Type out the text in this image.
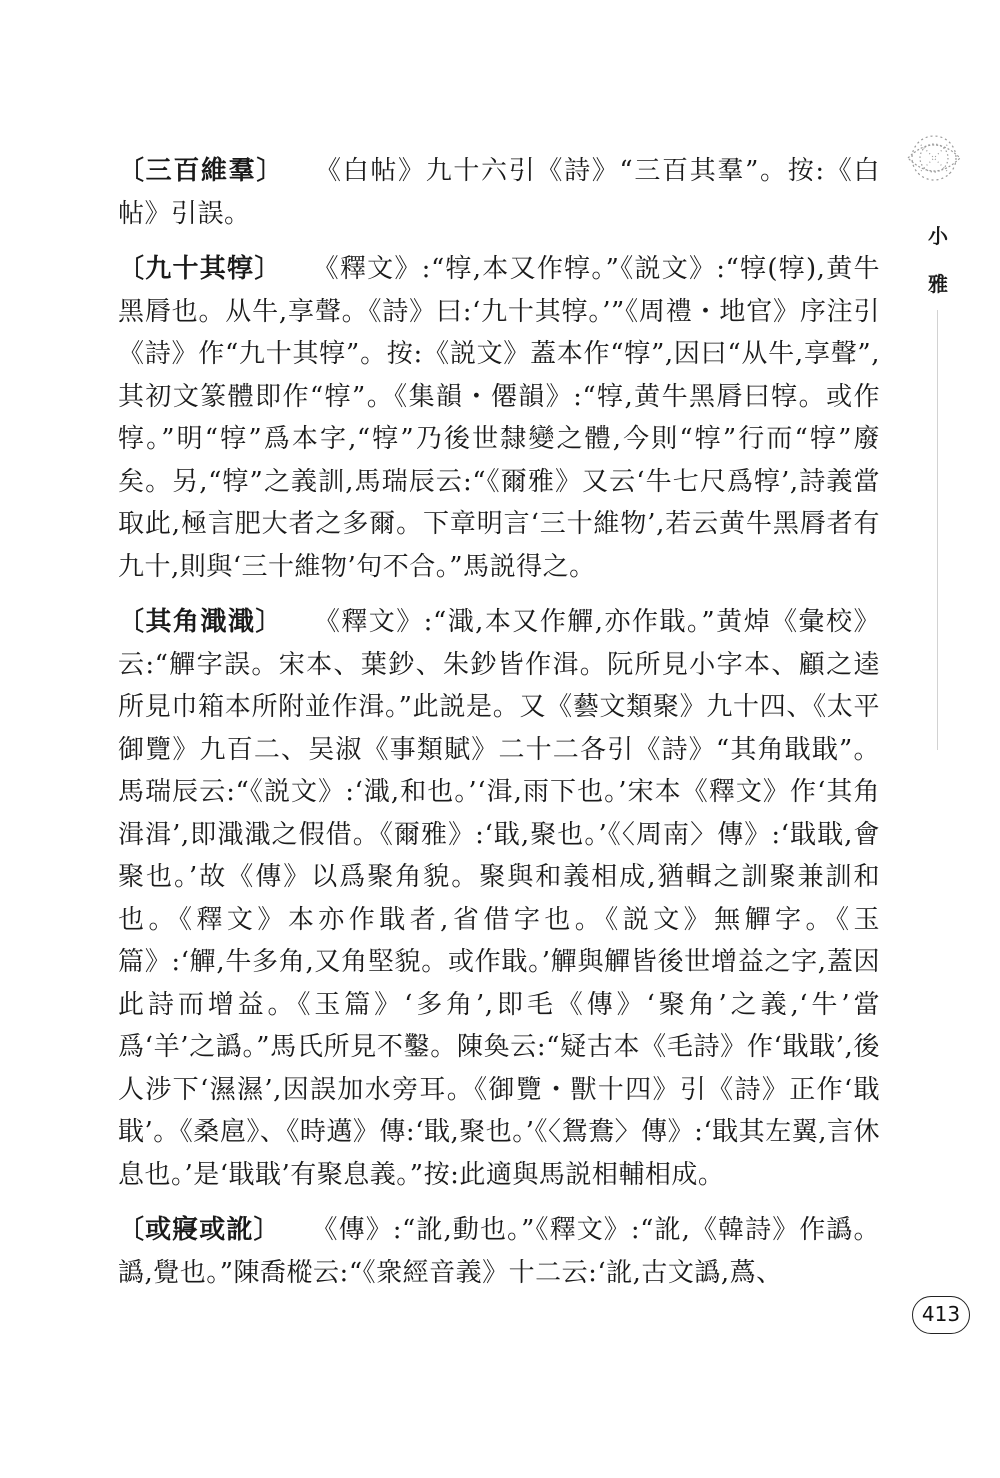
小
雅

〔三百維羣〕 《白帖》九十六引《詩》“三百其羣”。按:《白帖》引誤。

〔九十其犉〕 《釋文》:“犉,本又作犉。”《説文》:“犉(犉),黄牛黑脣也。从牛,享聲。《詩》曰:‘九十其犉。’”《周禮・地官》序注引《詩》作“九十其犉”。按:《説文》蓋本作“犉”,因曰“从牛,享聲”,其初文篆體即作“犉”。《集韻・僊韻》:“犉,黄牛黑脣曰犉。或作犉。”明“犉”爲本字,“犉”乃後世隸變之體,今則“犉”行而“犉”廢矣。另,“犉”之義訓,馬瑞辰云:“《爾雅》又云‘牛七尺爲犉’,詩義當取此,極言肥大者之多爾。下章明言‘三十維物’,若云黄牛黑脣者有九十,則與‘三十維物’句不合。”馬説得之。

〔其角濈濈〕 《釋文》:“濈,本又作觶,亦作戢。”黄焯《彙校》云:“觶字誤。宋本、葉鈔、朱鈔皆作湒。阮所見小字本、顧之逵所見巾箱本所附並作湒。”此説是。又《藝文類聚》九十四、《太平御覽》九百二、吴淑《事類賦》二十二各引《詩》“其角戢戢”。馬瑞辰云:“《説文》:‘濈,和也。’‘湒,雨下也。’宋本《釋文》作‘其角湒湒’,即濈濈之假借。《爾雅》:‘戢,聚也。’《〈周南〉傳》:‘戢戢,會聚也。’故《傳》以爲聚角貌。聚與和義相成,猶輯之訓聚兼訓和也。《釋文》本亦作戢者,省借字也。《説文》無觶字。《玉篇》:‘觶,牛多角,又角堅貌。或作戢。’觶與觶皆後世增益之字,蓋因此詩而增益。《玉篇》‘多角’,即毛《傳》‘聚角’之義,‘牛’當爲‘羊’之譌。”馬氏所見不鑿。陳奐云:“疑古本《毛詩》作‘戢戢’,後人涉下‘濕濕’,因誤加水旁耳。《御覽・獸十四》引《詩》正作‘戢戢’。《桑扈》、《時邁》傳:‘戢,聚也。’《〈鴛鴦〉傳》:‘戢其左翼,言休息也。’是‘戢戢’有聚息義。”按:此適與馬説相輔相成。

〔或寢或訛〕 《傳》:“訛,動也。”《釋文》:“訛,《韓詩》作譌。譌,覺也。”陳喬樅云:“《衆經音義》十二云:‘訛,古文譌,蔿、

413
